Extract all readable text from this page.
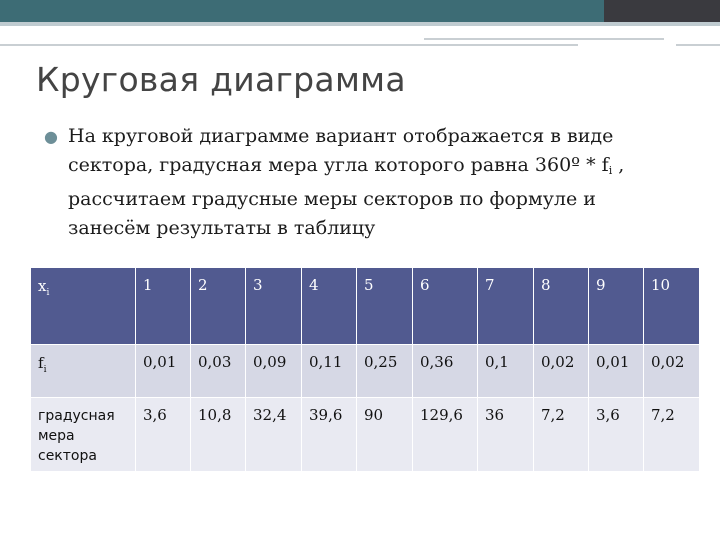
Круговая диаграмма
● На круговой диаграмме вариант отображается в виде сектора, градусная мера угла которого равна 360º * $f_i$ , рассчитаем градусные меры секторов по формуле и занесём результаты в таблицу
$x_i$	1	2	3	4	5	6	7	8	9	10
$f_i$	0,01	0,03	0,09	0,11	0,25	0,36	0,1	0,02	0,01	0,02
градусная мера сектора	3,6	10,8	32,4	39,6	90	129,6	36	7,2	3,6	7,2
